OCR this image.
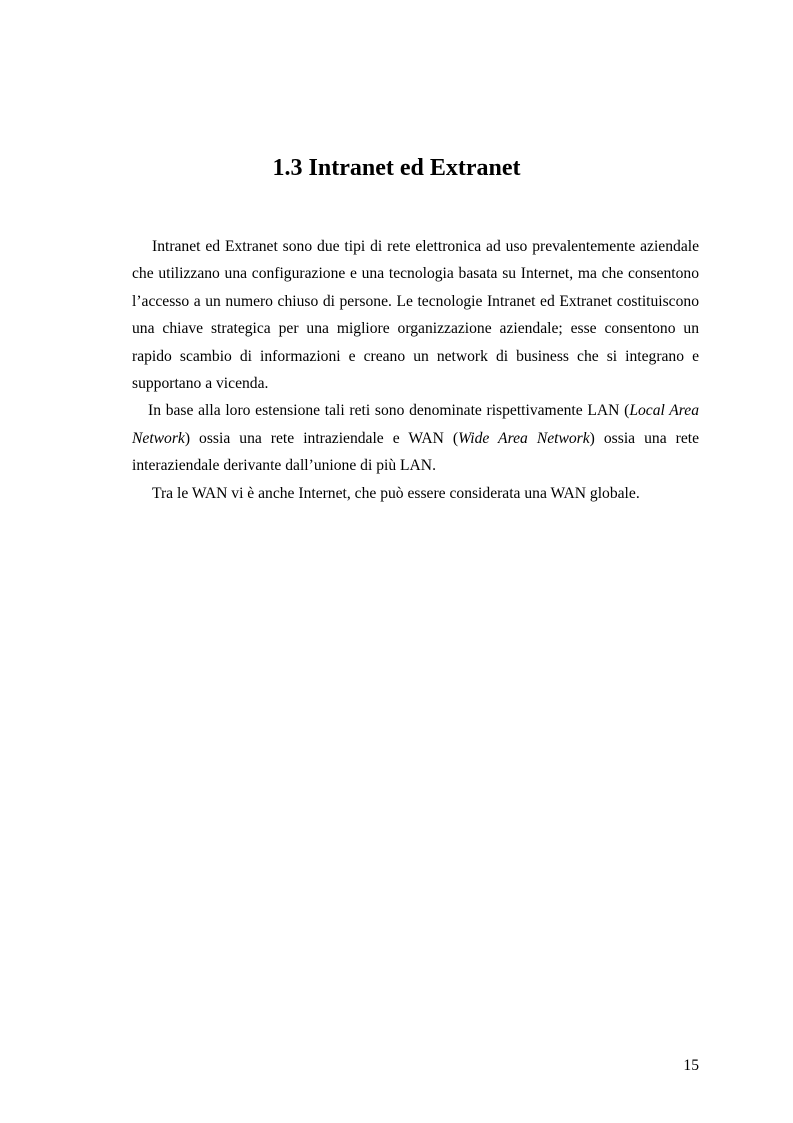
1.3 Intranet ed Extranet

Intranet ed Extranet sono due tipi di rete elettronica ad uso prevalentemente aziendale che utilizzano una configurazione e una tecnologia basata su Internet, ma che consentono l’accesso a un numero chiuso di persone. Le tecnologie Intranet ed Extranet costituiscono una chiave strategica per una migliore organizzazione aziendale; esse consentono un rapido scambio di informazioni e creano un network di business che si integrano e supportano a vicenda.

In base alla loro estensione tali reti sono denominate rispettivamente LAN (Local Area Network) ossia una rete intraziendale e WAN (Wide Area Network) ossia una rete interaziendale derivante dall’unione di più LAN.

Tra le WAN vi è anche Internet, che può essere considerata una WAN globale.

15
